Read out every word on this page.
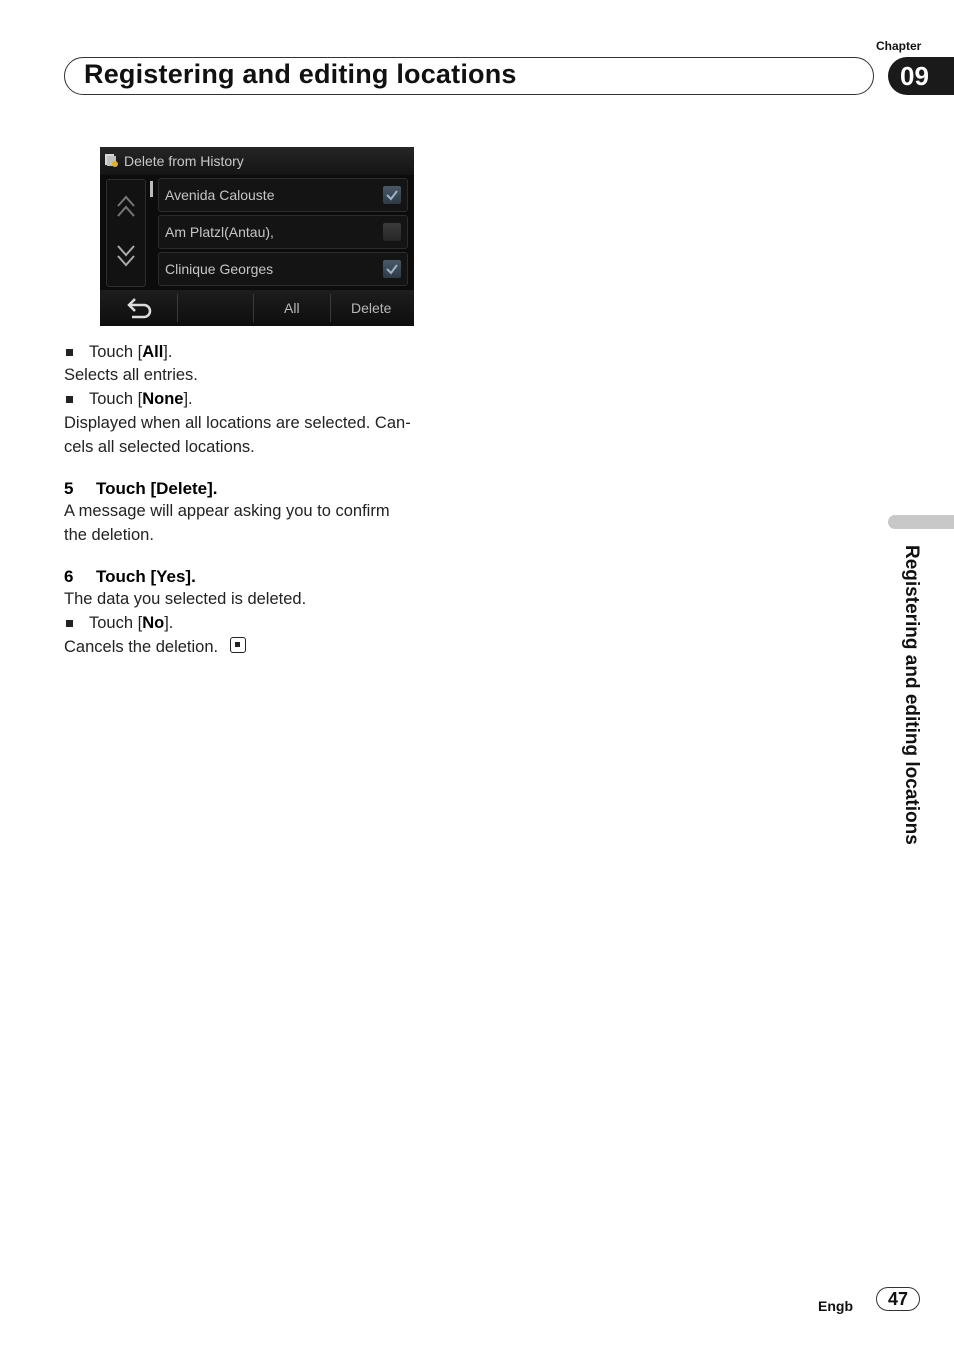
Chapter
Registering and editing locations	09
Delete from History
Avenida Calouste
Am Platzl(Antau),
Clinique Georges
All	Delete
Touch [All].
Selects all entries.
Touch [None].
Displayed when all locations are selected. Can-
cels all selected locations.
5 Touch [Delete].
A message will appear asking you to confirm
the deletion.
6 Touch [Yes].
The data you selected is deleted.
Touch [No].
Cancels the deletion.	Registering and editing locations
Engb	47
